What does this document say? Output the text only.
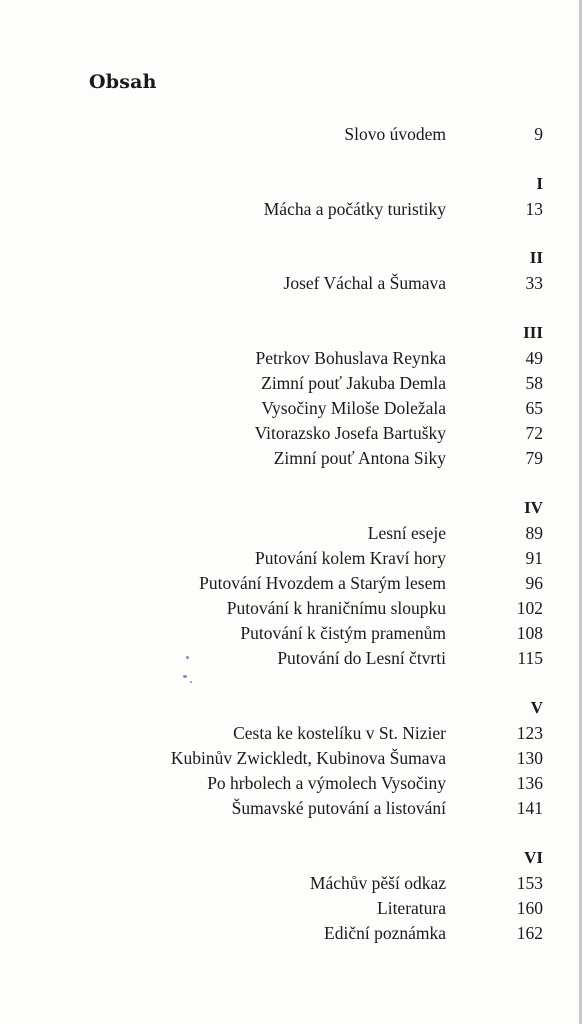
Obsah
Slovo úvodem	9
I
Mácha a počátky turistiky	13
II
Josef Váchal a Šumava	33
III
Petrkov Bohuslava Reynka	49
Zimní pouť Jakuba Demla	58
Vysočiny Miloše Doležala	65
Vitorazsko Josefa Bartušky	72
Zimní pouť Antona Siky	79
IV
Lesní eseje	89
Putování kolem Kraví hory	91
Putování Hvozdem a Starým lesem	96
Putování k hraničnímu sloupku	102
Putování k čistým pramenům	108
Putování do Lesní čtvrti	115
V
Cesta ke kostelíku v St. Nizier	123
Kubinův Zwickledt, Kubinova Šumava	130
Po hrbolech a výmolech Vysočiny	136
Šumavské putování a listování	141
VI
Máchův pěší odkaz	153
Literatura	160
Ediční poznámka	162
